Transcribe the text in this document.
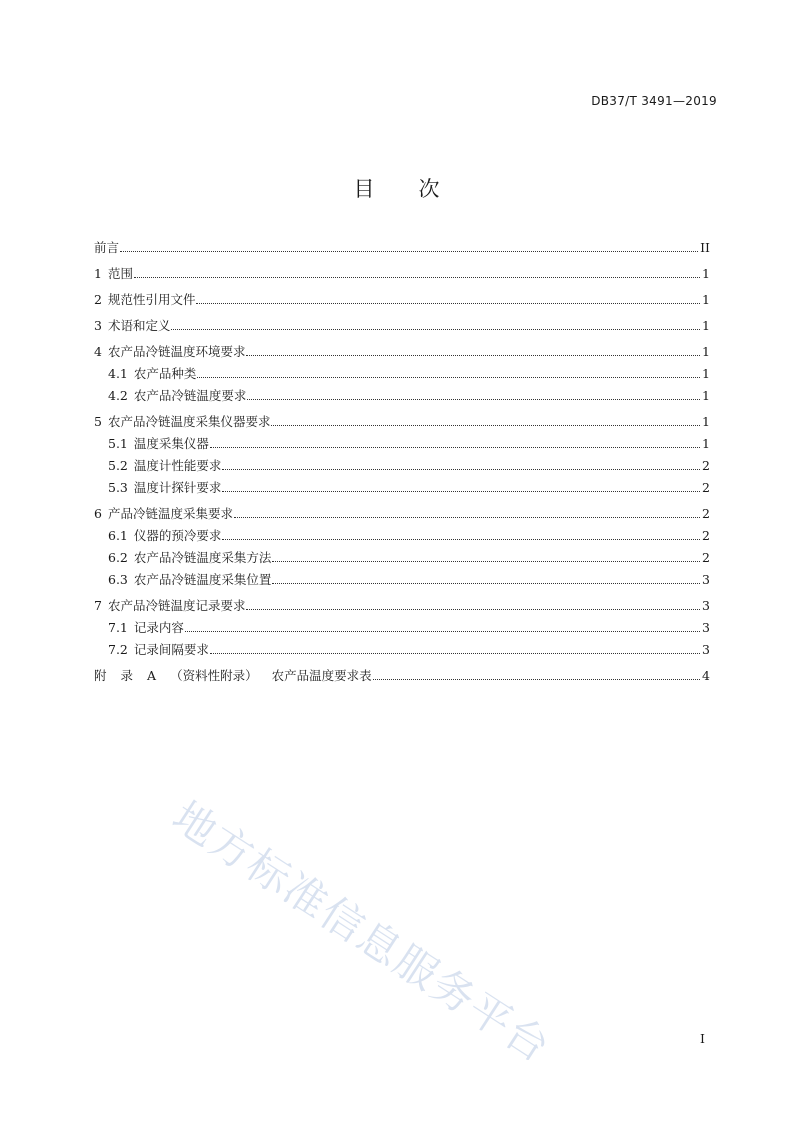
DB37/T 3491—2019
目 次
前言	II
1 范围	1
2 规范性引用文件	1
3 术语和定义	1
4 农产品冷链温度环境要求	1
4.1 农产品种类	1
4.2 农产品冷链温度要求	1
5 农产品冷链温度采集仪器要求	1
5.1 温度采集仪器	1
5.2 温度计性能要求	2
5.3 温度计探针要求	2
6 产品冷链温度采集要求	2
6.1 仪器的预冷要求	2
6.2 农产品冷链温度采集方法	2
6.3 农产品冷链温度采集位置	3
7 农产品冷链温度记录要求	3
7.1 记录内容	3
7.2 记录间隔要求	3
附 录 A （资料性附录） 农产品温度要求表	4
地方标准信息服务平台	I
